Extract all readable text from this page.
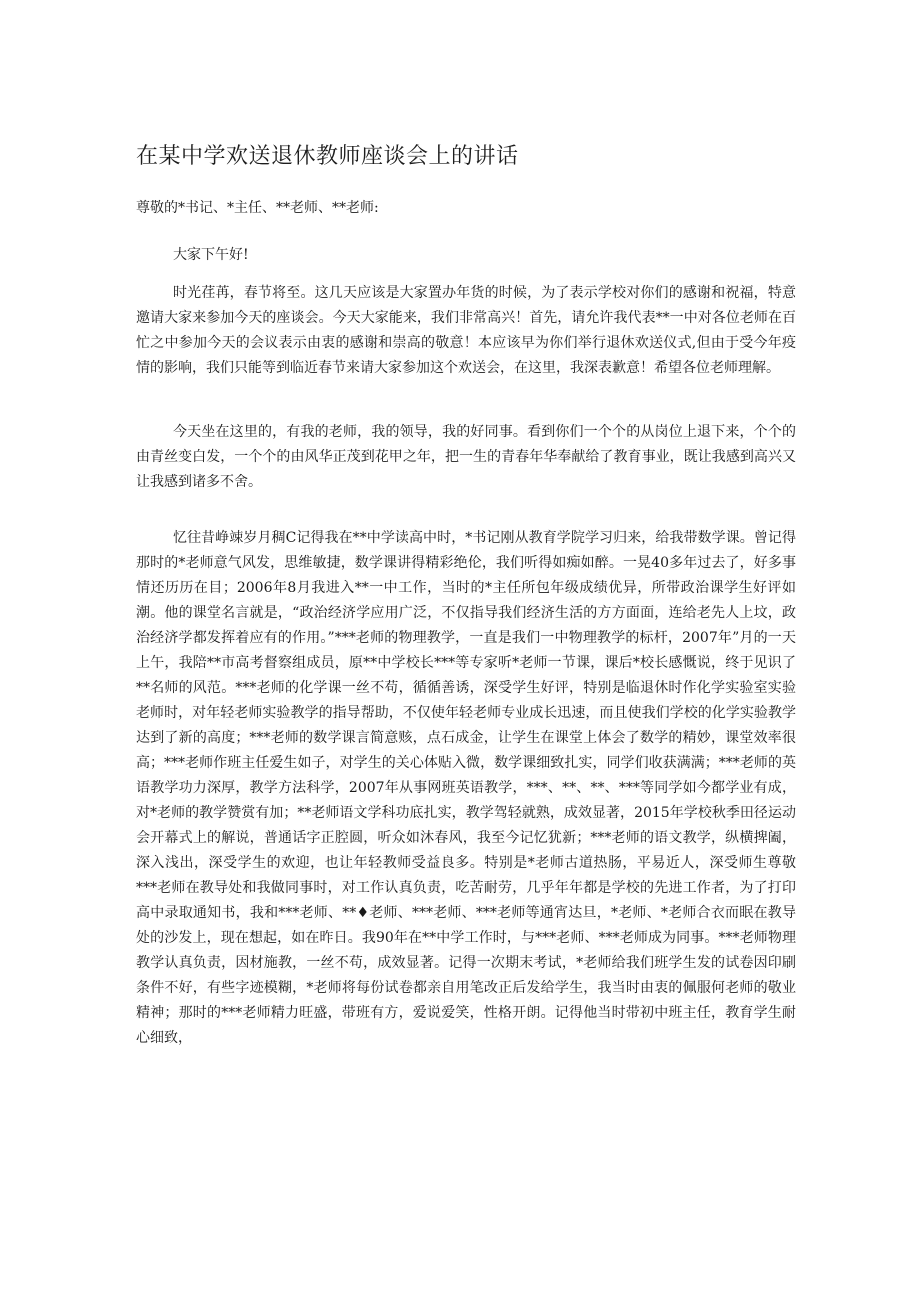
在某中学欢送退休教师座谈会上的讲话

尊敬的*书记、*主任、**老师、**老师:

大家下午好!

时光荏苒，春节将至。这几天应该是大家置办年货的时候，为了表示学校对你们的感谢和祝福，特意邀请大家来参加今天的座谈会。今天大家能来，我们非常高兴！首先，请允许我代表**一中对各位老师在百忙之中参加今天的会议表示由衷的感谢和崇高的敬意！本应该早为你们举行退休欢送仪式,但由于受今年疫情的影响，我们只能等到临近春节来请大家参加这个欢送会，在这里，我深表歉意！希望各位老师理解。

今天坐在这里的，有我的老师，我的领导，我的好同事。看到你们一个个的从岗位上退下来，个个的由青丝变白发，一个个的由风华正茂到花甲之年，把一生的青春年华奉献给了教育事业，既让我感到高兴又让我感到诸多不舍。

忆往昔峥竦岁月稠C记得我在**中学读高中时，*书记刚从教育学院学习归来，给我带数学课。曾记得那时的*老师意气风发，思维敏捷，数学课讲得精彩绝伦，我们听得如痴如醉。一晃40多年过去了，好多事情还历历在目；2006年8月我进入**一中工作，当时的*主任所包年级成绩优异，所带政治课学生好评如潮。他的课堂名言就是，“政治经济学应用广泛，不仅指导我们经济生活的方方面面，连给老先人上坟，政治经济学都发挥着应有的作用。”***老师的物理教学，一直是我们一中物理教学的标杆，2007年”月的一天上午，我陪**市高考督察组成员，原**中学校长***等专家听*老师一节课，课后*校长感慨说，终于见识了**名师的风范。***老师的化学课一丝不苟，循循善诱，深受学生好评，特别是临退休时作化学实验室实验老师时，对年轻老师实验教学的指导帮助，不仅使年轻老师专业成长迅速，而且使我们学校的化学实验教学达到了新的高度；***老师的数学课言简意赅，点石成金，让学生在课堂上体会了数学的精妙，课堂效率很高；***老师作班主任爱生如子，对学生的关心体贴入微，数学课细致扎实，同学们收获满满；***老师的英语教学功力深厚，教学方法科学，2007年从事网班英语教学，***、**、**、***等同学如今都学业有成，对*老师的教学赞赏有加；**老师语文学科功底扎实，教学驾轻就熟，成效显著，2015年学校秋季田径运动会开幕式上的解说，普通话字正腔圆，听众如沐春风，我至今记忆犹新；***老师的语文教学，纵横捭阖，深入浅出，深受学生的欢迎，也让年轻教师受益良多。特别是*老师古道热肠，平易近人，深受师生尊敬 ***老师在教导处和我做同事时，对工作认真负责，吃苦耐劳，几乎年年都是学校的先进工作者，为了打印高中录取通知书，我和***老师、**♦老师、***老师、***老师等通宵达旦，*老师、*老师合衣而眠在教导处的沙发上，现在想起，如在昨日。我90年在**中学工作时，与***老师、***老师成为同事。***老师物理教学认真负责，因材施教，一丝不苟，成效显著。记得一次期末考试，*老师给我们班学生发的试卷因印刷条件不好，有些字迹模糊，*老师将每份试卷都亲自用笔改正后发给学生，我当时由衷的佩服何老师的敬业精神；那时的***老师精力旺盛，带班有方，爱说爱笑，性格开朗。记得他当时带初中班主任，教育学生耐心细致，
